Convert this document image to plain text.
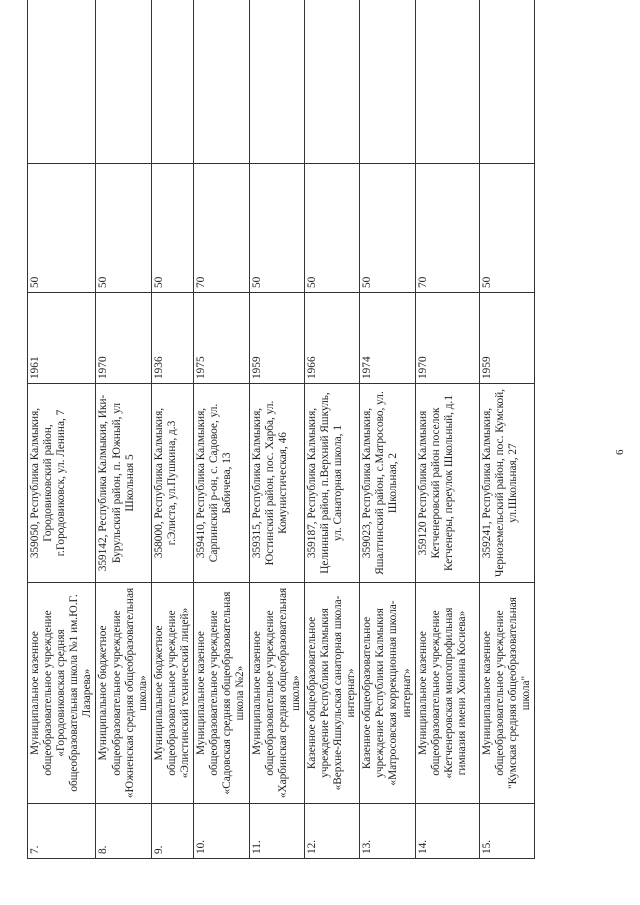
7.	Муниципальное казенное общеобразовательное учреждение «Городовиковская средняя общеобразовательная школа №1 им.Ю.Г. Лазарева»	359050, Республика Калмыкия, Городовиковский район, г.Городовиковск, ул. Ленина, 7	1961	50	
8.	Муниципальное бюджетное общеобразовательное учреждение «Южненская средняя общеобразовательная школа»	359142, Республика Калмыкия, Ики-Бурульский район, п. Южный, ул Школьная 5	1970	50	
9.	Муниципальное бюджетное общеобразовательное учреждение «Элистинский технический лицей»	358000, Республика Калмыкия, г.Элиста, ул.Пушкина, д.3	1936	50	
10.	Муниципальное казенное общеобразовательное учреждение «Садовская средняя общеобразовательная школа №2»	359410, Республика Калмыкия, Сарпинский р-он, с. Садовое, ул. Бабичева, 13	1975	70	
11.	Муниципальное казенное общеобразовательное учреждение «Харбинская средняя общеобразовательная школа»	359315, Республика Калмыкия, Юстинский район, пос. Харба, ул. Комунистическая, 46	1959	50	
12.	Казенное общеобразовательное учреждение Республики Калмыкия «Верхне-Яшкульская санаторная школа-интернат»	359187, Республика Калмыкия, Целинный район, п.Верхний Яшкуль, ул. Санаторная школа, 1	1966	50	
13.	Казенное общеобразовательное учреждение Республики Калмыкия «Матросовская коррекционная школа-интернат»	359023, Республика Калмыкия, Яшалтинский район, с.Матросово, ул. Школьная, 2	1974	50	
14.	Муниципальное казенное общеобразовательное учреждение «Кетченеровская многопрофильная гимназия имени Хонина Косиева»	359120 Республика Калмыкия Кетченеровский район поселок Кетченеры, переулок Школьный, д.1	1970	70	
15.	Муниципальное казенное общеобразовательное учреждение "Кумская средняя общеобразовательная школа"	359241, Республика Калмыкия, Черноземельский район, пос. Кумской, ул.Школьная, 27	1959	50	
6
